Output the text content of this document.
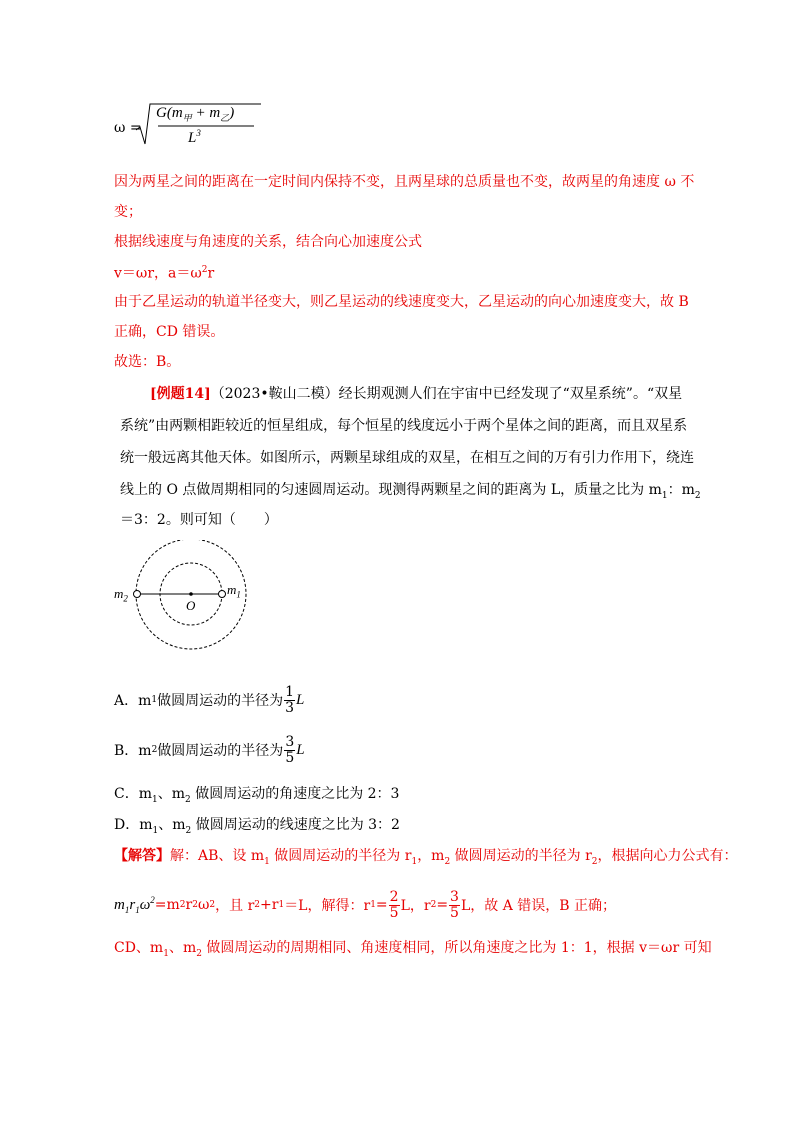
ω =
$G(m_甲 + m_乙)$
$L^3$
因为两星之间的距离在一定时间内保持不变，且两星球的总质量也不变，故两星的角速度 ω 不
变；
根据线速度与角速度的关系，结合向心加速度公式
v＝ωr，$a=\omega^2r$
由于乙星运动的轨道半径变大，则乙星运动的线速度变大，乙星运动的向心加速度变大，故 B
正确，CD 错误。
故选：B。
[例题14]（2023•鞍山二模）经长期观测人们在宇宙中已经发现了“双星系统”。“双星
系统”由两颗相距较近的恒星组成，每个恒星的线度远小于两个星体之间的距离，而且双星系
统一般远离其他天体。如图所示，两颗星球组成的双星，在相互之间的万有引力作用下，绕连
线上的 O 点做周期相同的匀速圆周运动。现测得两颗星之间的距离为 L，质量之比为 $m_1$：$m_2$
＝3：2。则可知（　　）
$m_2$
$m_1$
O
A．m 1 做圆周运动的半径为 $\frac{1}{3}$ L
B．m 2 做圆周运动的半径为 $\frac{3}{5}$ L
C．$m_1$、$m_2$ 做圆周运动的角速度之比为 2：3
D．$m_1$、$m_2$ 做圆周运动的线速度之比为 3：2
【解答】解：AB、设 $m_1$ 做圆周运动的半径为 $r_1$，$m_2$ 做圆周运动的半径为 $r_2$，根据向心力公式有：
$m_1r_1\omega^2 =m$ 2 r 2 ω 2 ，且 r 2 +r 1 ＝L，解得：r $1 = \frac{2}{5}$ L，r $2 = \frac{3}{5}$ L，故 A 错误，B 正确；
CD、$m_1$、$m_2$ 做圆周运动的周期相同、角速度相同，所以角速度之比为 1：1，根据 v＝ωr 可知
